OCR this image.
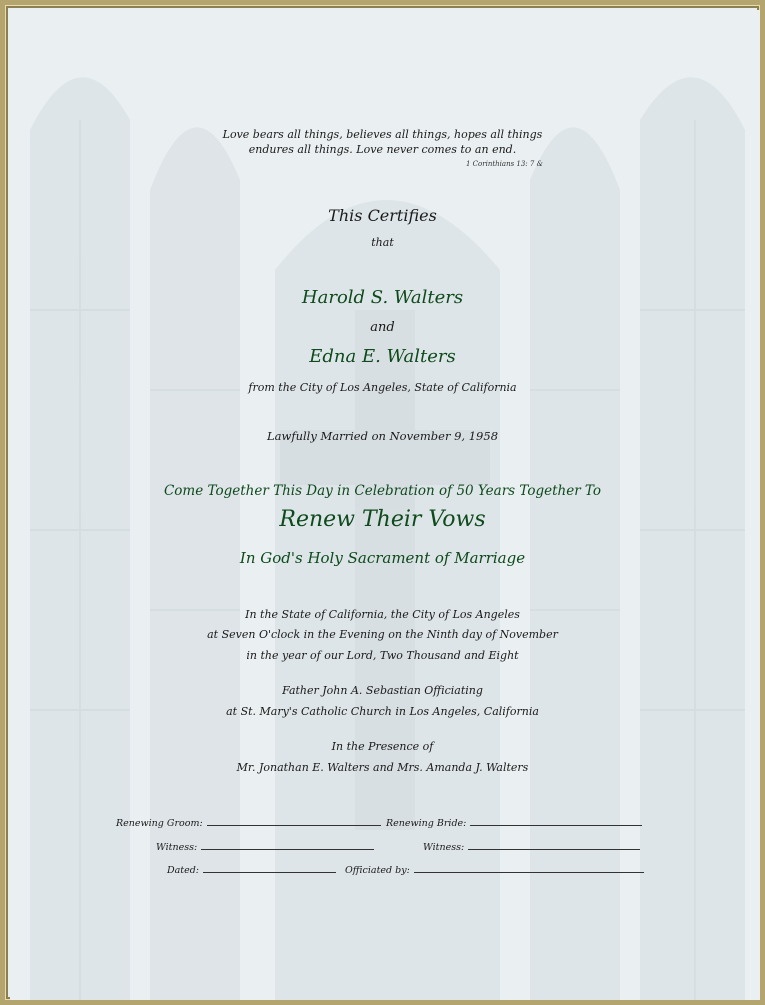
Love bears all things, believes all things, hopes all things
endures all things. Love never comes to an end.
1 Corinthians 13: 7 &
This Certifies
that
Harold S. Walters
and
Edna E. Walters
from the City of Los Angeles, State of California
Lawfully Married on November 9, 1958
Come Together This Day in Celebration of 50 Years Together To
Renew Their Vows
In God's Holy Sacrament of Marriage
In the State of California, the City of Los Angeles
at Seven O'clock in the Evening on the Ninth day of November
in the year of our Lord, Two Thousand and Eight
Father John A. Sebastian Officiating
at St. Mary's Catholic Church in Los Angeles, California
In the Presence of
Mr. Jonathan E. Walters and Mrs. Amanda J. Walters
Renewing Groom:	Renewing Bride:
Witness:	Witness:
Dated:	Officiated by:
